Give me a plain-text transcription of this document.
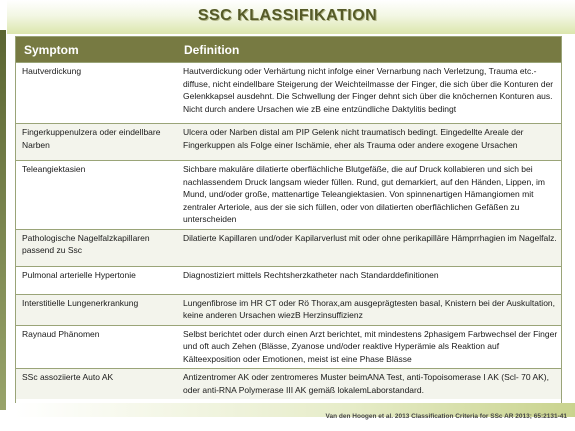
SSC KLASSIFIKATION
Symptom	Definition
Hautverdickung	Hautverdickung oder Verhärtung nicht infolge einer Vernarbung nach Verletzung, Trauma etc.- diffuse, nicht eindellbare Steigerung der Weichteilmasse der Finger, die sich über die Konturen der Gelenkkapsel ausdehnt. Die Schwellung der Finger dehnt sich über die knöchernen Konturen aus. Nicht durch andere Ursachen wie zB eine entzündliche Daktylitis bedingt
Fingerkuppenulzera oder eindellbare Narben	Ulcera oder Narben distal am PIP Gelenk nicht traumatisch bedingt. Eingedellte Areale der Fingerkuppen als Folge einer Ischämie, eher als Trauma oder andere exogene Ursachen
Teleangiektasien	Sichbare makuläre dilatierte oberflächliche Blutgefäße, die auf Druck kollabieren und sich bei nachlassendem Druck langsam wieder füllen. Rund, gut demarkiert, auf den Händen, Lippen, im Mund, und/oder große, mattenartige Teleangiektasien. Von spinnenartigen Hämangiomen mit zentraler Arteriole, aus der sie sich füllen, oder von dilatierten oberflächlichen Gefäßen zu unterscheiden
Pathologische Nagelfalzkapillaren passend zu Ssc	Dilatierte Kapillaren und/oder Kapilarverlust mit oder ohne perikapilläre Hämprrhagien im Nagelfalz.
Pulmonal arterielle Hypertonie	Diagnostiziert mittels Rechtsherzkatheter nach Standarddefinitionen
Interstitielle Lungenerkrankung	Lungenfibrose im HR CT oder Rö Thorax,am ausgeprägtesten basal, Knistern bei der Auskultation, keine anderen Ursachen wiezB Herzinsuffizienz
Raynaud Phänomen	Selbst berichtet oder durch einen Arzt berichtet, mit mindestens 2phasigem Farbwechsel der Finger und oft auch Zehen (Blässe, Zyanose und/oder reaktive Hyperämie als Reaktion auf Kälteexposition oder Emotionen, meist ist eine Phase Blässe
SSc assoziierte Auto AK	Antizentromer AK oder zentromeres Muster beimANA Test, anti-Topoisomerase I AK (Scl- 70 AK), oder anti-RNA Polymerase III AK gemäß lokalemLaborstandard.
Van den Hoogen et al. 2013 Classification Criteria for SSc AR 2013; 65:2131-41
